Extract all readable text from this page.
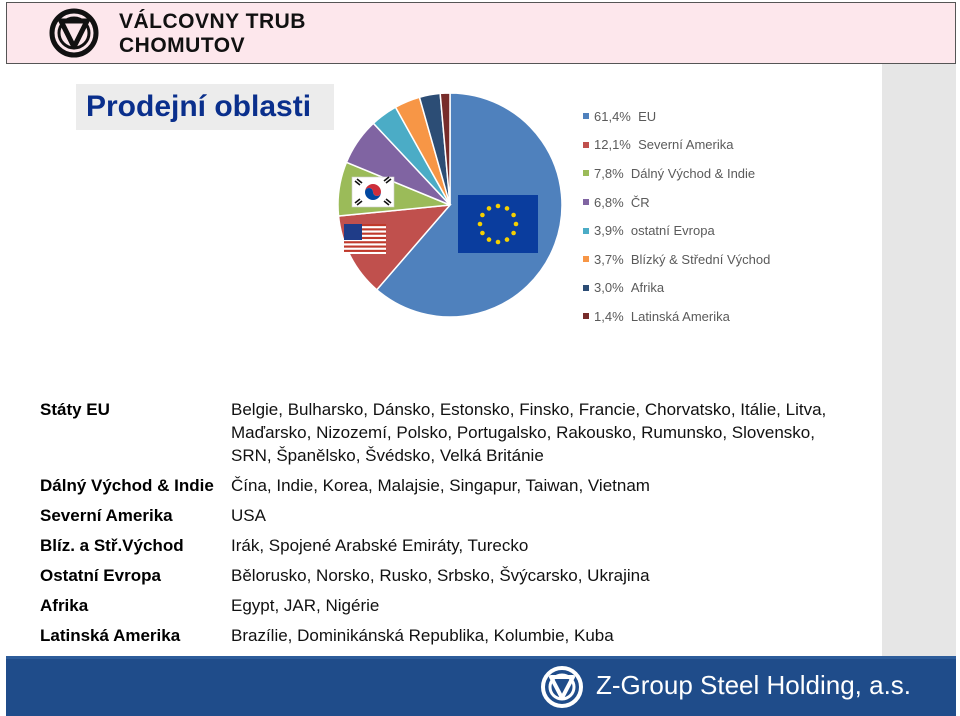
VÁLCOVNY TRUB
CHOMUTOV
Prodejní oblasti	61,4%  EU
12,1%  Severní Amerika
7,8%  Dálný Východ & Indie
6,8%  ČR
3,9%  ostatní Evropa
3,7%  Blízký & Střední Východ
3,0%  Afrika
1,4%  Latinská Amerika
Státy EU	Belgie, Bulharsko, Dánsko, Estonsko, Finsko, Francie, Chorvatsko, Itálie, Litva, Maďarsko, Nizozemí, Polsko, Portugalsko, Rakousko, Rumunsko, Slovensko, SRN, Španělsko, Švédsko, Velká Británie
Dálný Východ & Indie	Čína, Indie, Korea, Malajsie, Singapur, Taiwan, Vietnam
Severní Amerika	USA
Blíz. a Stř.Východ	Irák, Spojené Arabské Emiráty, Turecko
Ostatní Evropa	Bělorusko, Norsko, Rusko, Srbsko, Švýcarsko, Ukrajina
Afrika	Egypt, JAR, Nigérie
Latinská Amerika	Brazílie, Dominikánská Republika, Kolumbie, Kuba
Z-Group Steel Holding, a.s.
